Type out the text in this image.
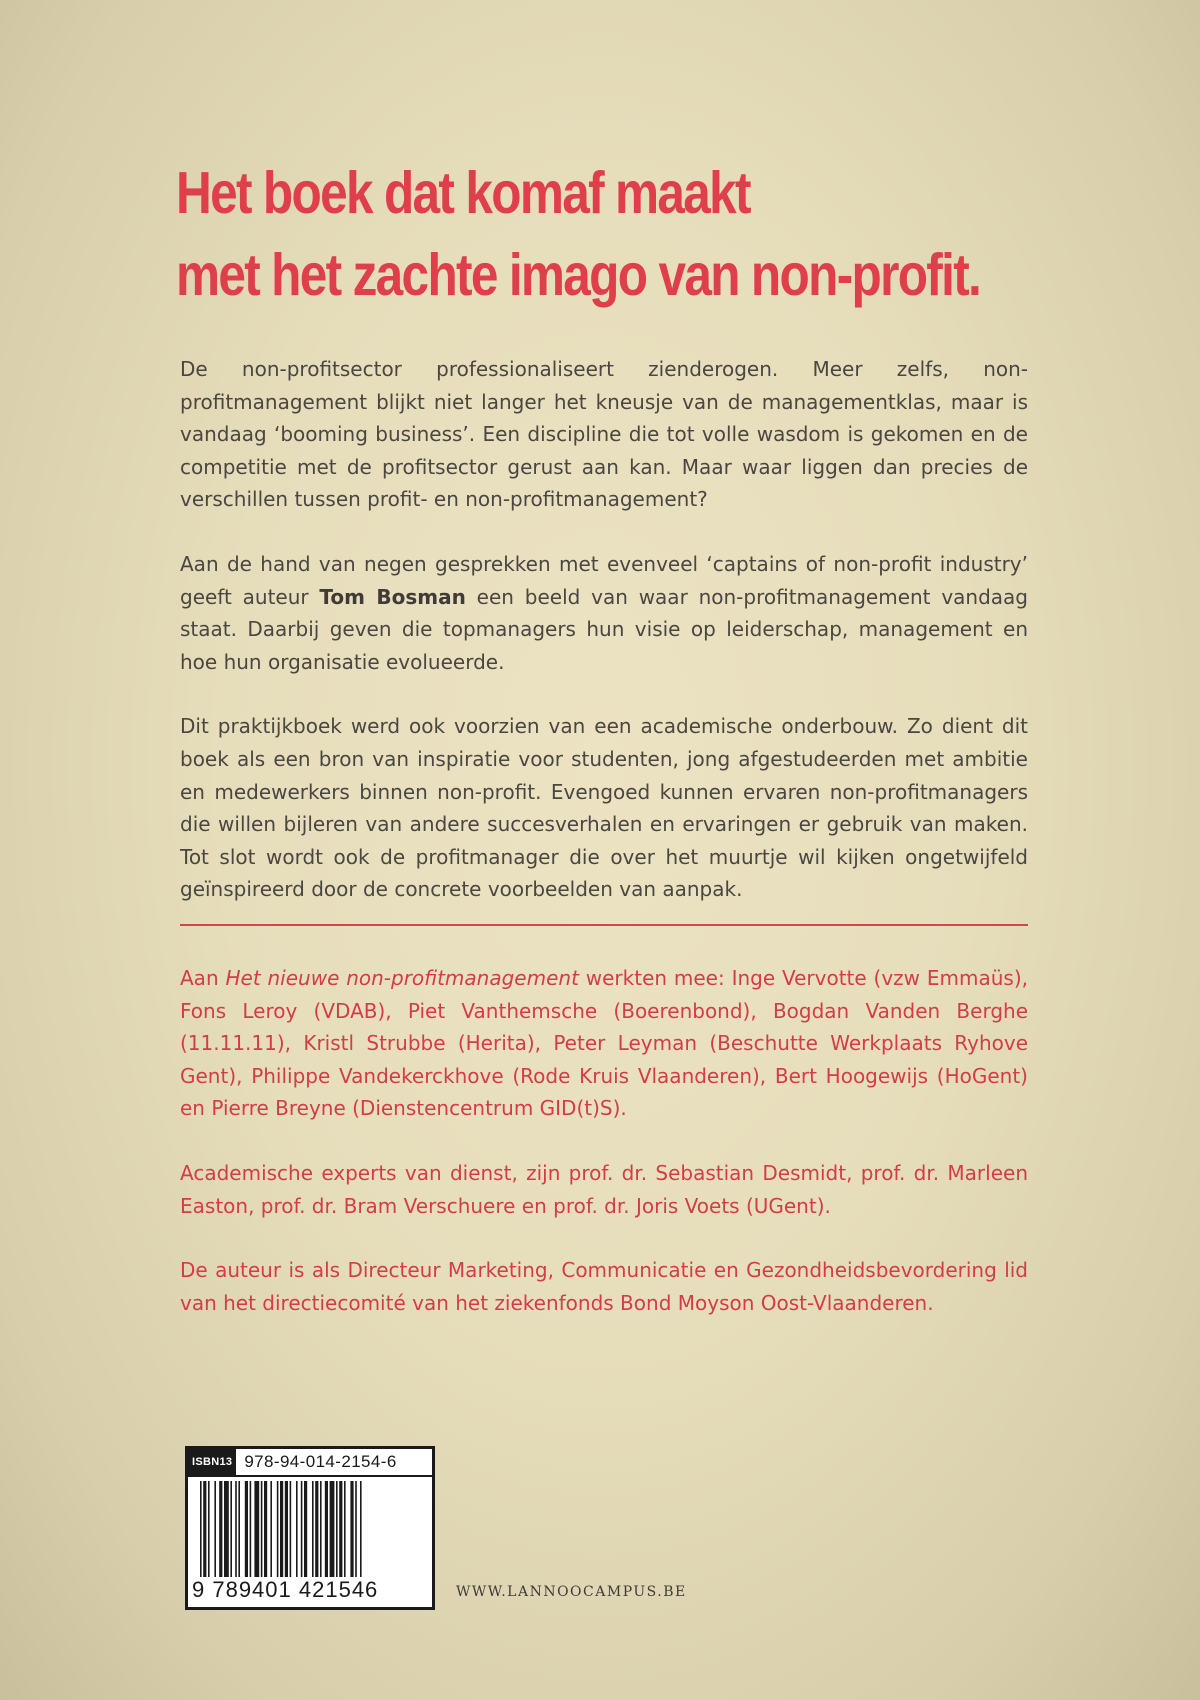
Het boek dat komaf maakt
met het zachte imago van non-profit.

De non-profitsector professionaliseert zienderogen. Meer zelfs, non-profitmanagement blijkt niet langer het kneusje van de managementklas, maar is vandaag ‘booming business’. Een discipline die tot volle wasdom is gekomen en de competitie met de profitsector gerust aan kan. Maar waar liggen dan precies de verschillen tussen profit- en non-profitmanagement?

Aan de hand van negen gesprekken met evenveel ‘captains of non-profit industry’ geeft auteur Tom Bosman een beeld van waar non-profitmanagement vandaag staat. Daarbij geven die topmanagers hun visie op leiderschap, management en hoe hun organisatie evolueerde.

Dit praktijkboek werd ook voorzien van een academische onderbouw. Zo dient dit boek als een bron van inspiratie voor studenten, jong afgestudeerden met ambitie en medewerkers binnen non-profit. Evengoed kunnen ervaren non-profitmanagers die willen bijleren van andere succesverhalen en ervaringen er gebruik van maken. Tot slot wordt ook de profitmanager die over het muurtje wil kijken ongetwijfeld geïnspireerd door de concrete voorbeelden van aanpak.

Aan Het nieuwe non-profitmanagement werkten mee: Inge Vervotte (vzw Emmaüs), Fons Leroy (VDAB), Piet Vanthemsche (Boerenbond), Bogdan Vanden Berghe (11.11.11), Kristl Strubbe (Herita), Peter Leyman (Beschutte Werkplaats Ryhove Gent), Philippe Vandekerckhove (Rode Kruis Vlaanderen), Bert Hoogewijs (HoGent) en Pierre Breyne (Dienstencentrum GID(t)S).

Academische experts van dienst, zijn prof. dr. Sebastian Desmidt, prof. dr. Marleen Easton, prof. dr. Bram Verschuere en prof. dr. Joris Voets (UGent).

De auteur is als Directeur Marketing, Communicatie en Gezondheidsbevordering lid van het directiecomité van het ziekenfonds Bond Moyson Oost-Vlaanderen.

ISBN13 978-94-014-2154-6
9 789401 421546	WWW.LANNOOCAMPUS.BE
